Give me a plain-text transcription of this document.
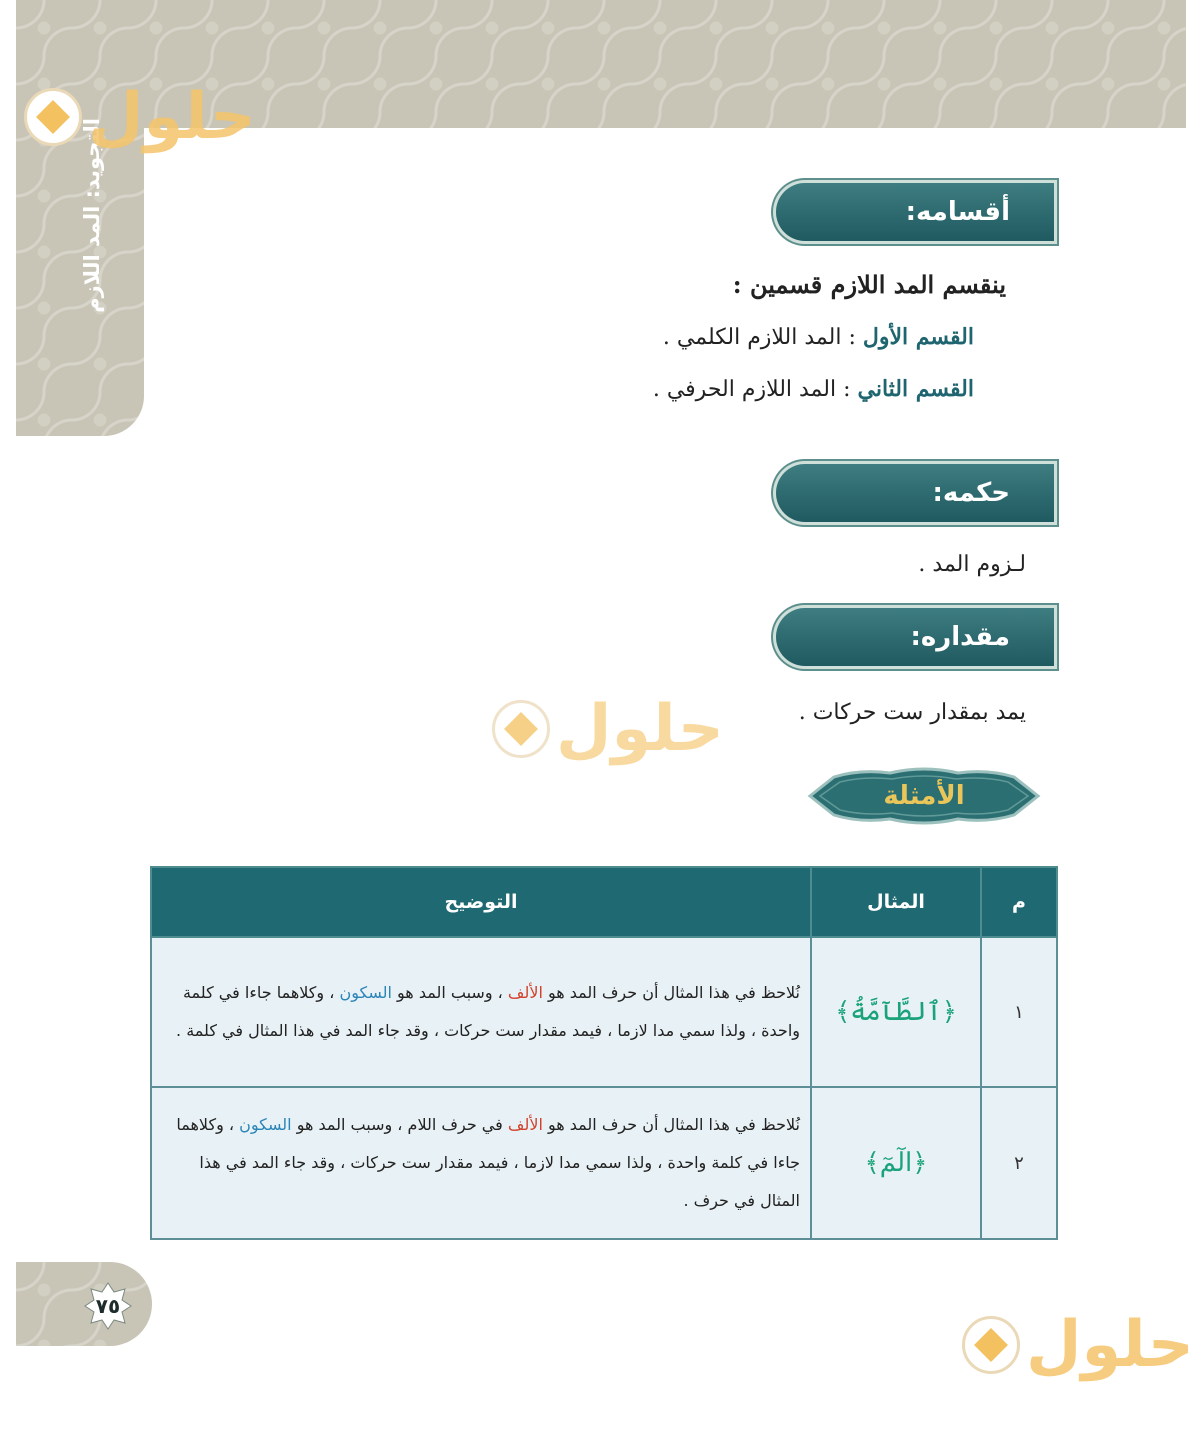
التجويد: المد اللازم
حلول
حلول
حلول
أقسامه:
ينقسم المد اللازم قسمين :
القسم الأول : المد اللازم الكلمي .
القسم الثاني : المد اللازم الحرفي .
حكمه:
لـزوم المد .
مقداره:
يمد بمقدار ست حركات .
الأمثلة
م	المثال	التوضيح
١	﴿ٱلطَّآمَّةُ﴾	نُلاحظ في هذا المثال أن حرف المد هو الألف ، وسبب المد هو السكون ، وكلاهما جاءا في كلمة واحدة ، ولذا سمي مدا لازما ، فيمد مقدار ست حركات ، وقد جاء المد في هذا المثال في كلمة .
٢	﴿الٓمٓ﴾	نُلاحظ في هذا المثال أن حرف المد هو الألف في حرف اللام ، وسبب المد هو السكون ، وكلاهما جاءا في كلمة واحدة ، ولذا سمي مدا لازما ، فيمد مقدار ست حركات ، وقد جاء المد في هذا المثال في حرف .
٧٥
